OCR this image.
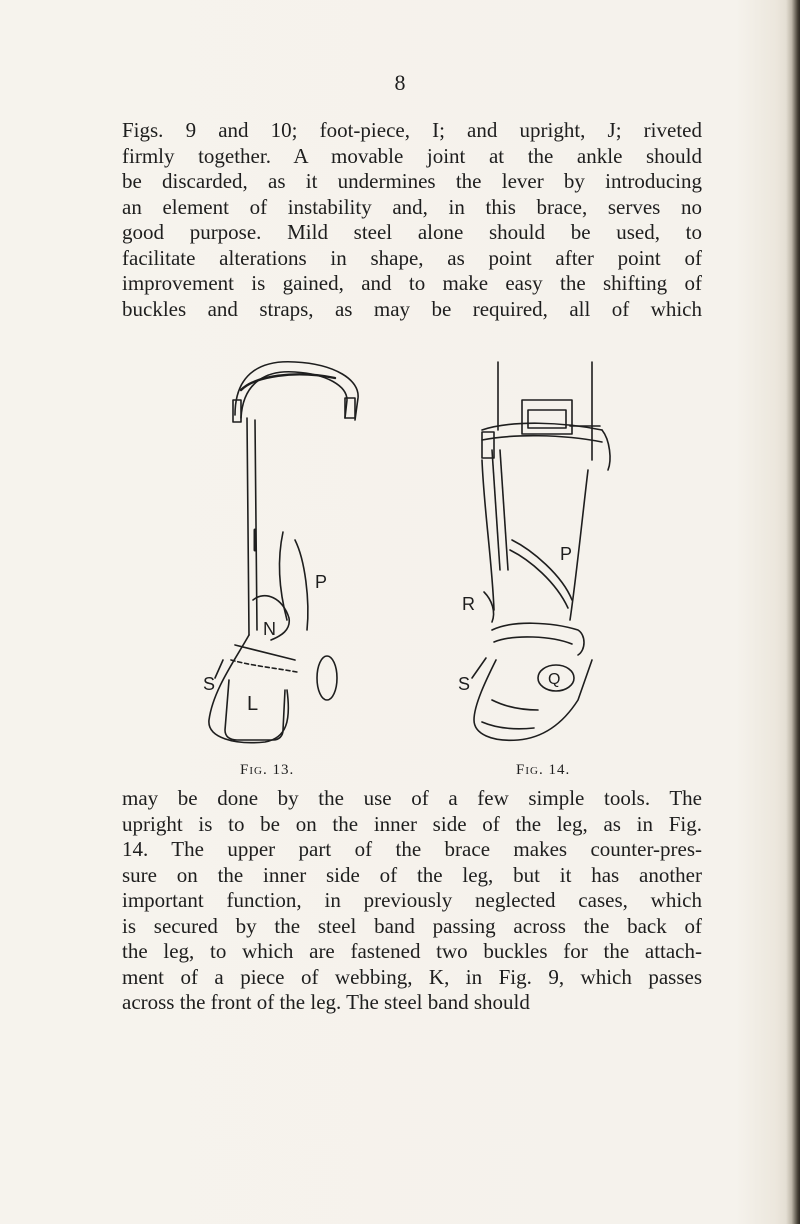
8
Figs. 9 and 10; foot-piece, I; and upright, J; riveted
firmly together. A movable joint at the ankle should
be discarded, as it undermines the lever by introducing
an element of instability and, in this brace, serves no
good purpose. Mild steel alone should be used, to
facilitate alterations in shape, as point after point of
improvement is gained, and to make easy the shifting of
buckles and straps, as may be required, all of which
N
L
P
S
P
R
Q
S
Fig. 13.	Fig. 14.
may be done by the use of a few simple tools. The
upright is to be on the inner side of the leg, as in Fig.
14. The upper part of the brace makes counter-pres-
sure on the inner side of the leg, but it has another
important function, in previously neglected cases, which
is secured by the steel band passing across the back of
the leg, to which are fastened two buckles for the attach-
ment of a piece of webbing, K, in Fig. 9, which passes
across the front of the leg. The steel band should
